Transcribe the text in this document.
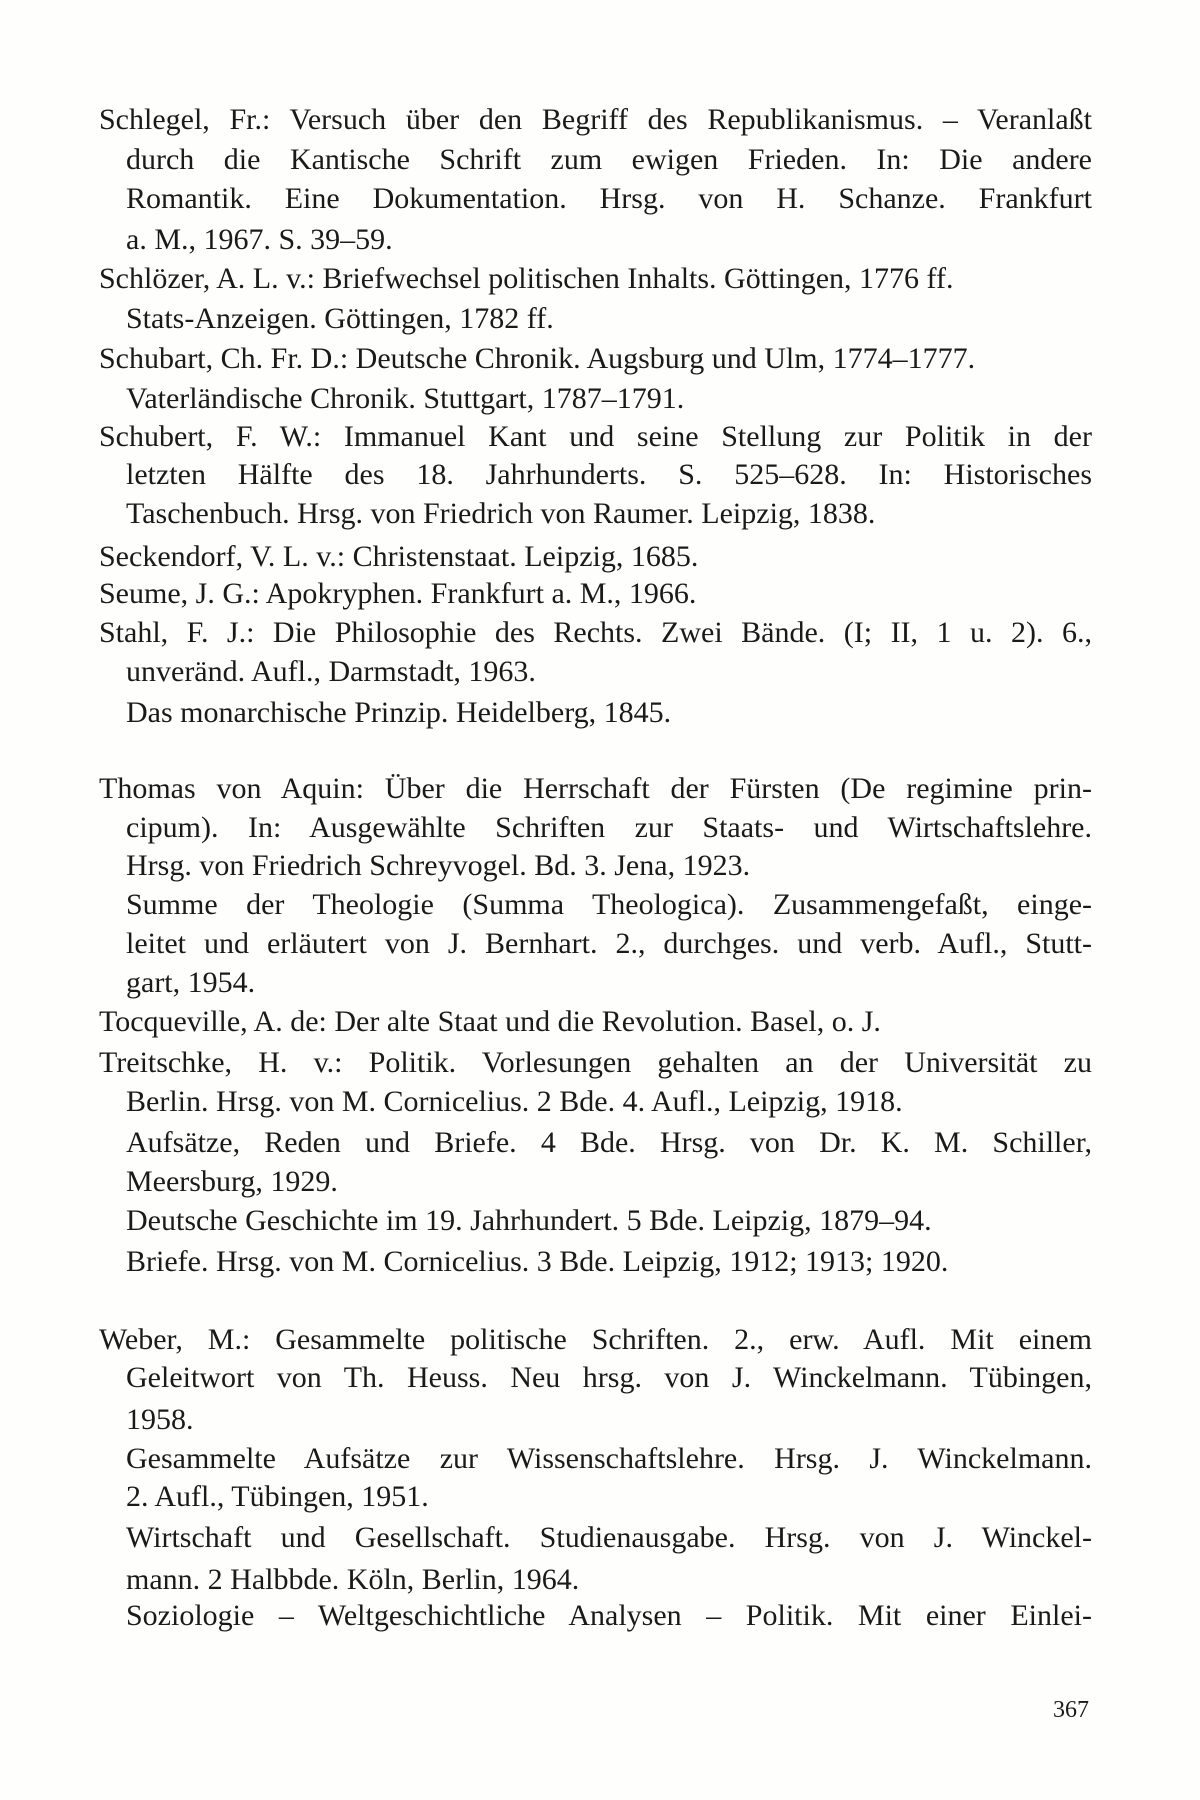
Schlegel, Fr.: Versuch über den Begriff des Republikanismus. – Veranlaßt
durch die Kantische Schrift zum ewigen Frieden. In: Die andere
Romantik. Eine Dokumentation. Hrsg. von H. Schanze. Frankfurt
a. M., 1967. S. 39–59.
Schlözer, A. L. v.: Briefwechsel politischen Inhalts. Göttingen, 1776 ff.
Stats-Anzeigen. Göttingen, 1782 ff.
Schubart, Ch. Fr. D.: Deutsche Chronik. Augsburg und Ulm, 1774–1777.
Vaterländische Chronik. Stuttgart, 1787–1791.
Schubert, F. W.: Immanuel Kant und seine Stellung zur Politik in der
letzten Hälfte des 18. Jahrhunderts. S. 525–628. In: Historisches
Taschenbuch. Hrsg. von Friedrich von Raumer. Leipzig, 1838.
Seckendorf, V. L. v.: Christenstaat. Leipzig, 1685.
Seume, J. G.: Apokryphen. Frankfurt a. M., 1966.
Stahl, F. J.: Die Philosophie des Rechts. Zwei Bände. (I; II, 1 u. 2). 6.,
unveränd. Aufl., Darmstadt, 1963.
Das monarchische Prinzip. Heidelberg, 1845.
Thomas von Aquin: Über die Herrschaft der Fürsten (De regimine prin-
cipum). In: Ausgewählte Schriften zur Staats- und Wirtschaftslehre.
Hrsg. von Friedrich Schreyvogel. Bd. 3. Jena, 1923.
Summe der Theologie (Summa Theologica). Zusammengefaßt, einge-
leitet und erläutert von J. Bernhart. 2., durchges. und verb. Aufl., Stutt-
gart, 1954.
Tocqueville, A. de: Der alte Staat und die Revolution. Basel, o. J.
Treitschke, H. v.: Politik. Vorlesungen gehalten an der Universität zu
Berlin. Hrsg. von M. Cornicelius. 2 Bde. 4. Aufl., Leipzig, 1918.
Aufsätze, Reden und Briefe. 4 Bde. Hrsg. von Dr. K. M. Schiller,
Meersburg, 1929.
Deutsche Geschichte im 19. Jahrhundert. 5 Bde. Leipzig, 1879–94.
Briefe. Hrsg. von M. Cornicelius. 3 Bde. Leipzig, 1912; 1913; 1920.
Weber, M.: Gesammelte politische Schriften. 2., erw. Aufl. Mit einem
Geleitwort von Th. Heuss. Neu hrsg. von J. Winckelmann. Tübingen,
1958.
Gesammelte Aufsätze zur Wissenschaftslehre. Hrsg. J. Winckelmann.
2. Aufl., Tübingen, 1951.
Wirtschaft und Gesellschaft. Studienausgabe. Hrsg. von J. Winckel-
mann. 2 Halbbde. Köln, Berlin, 1964.
Soziologie – Weltgeschichtliche Analysen – Politik. Mit einer Einlei-
367
